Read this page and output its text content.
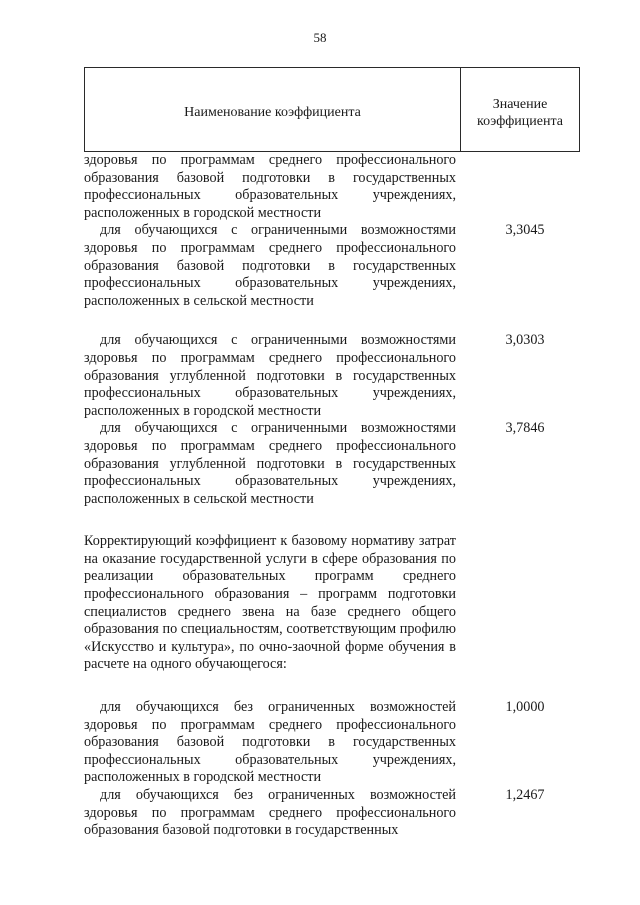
58
Наименование коэффициента
Значение
коэффициента

здоровья по программам среднего профессионального образования базовой подготовки в государственных профессиональных образовательных учреждениях, расположенных в городской местности

для обучающихся с ограниченными возможностями здоровья по программам среднего профессионального образования базовой подготовки в государственных профессиональных образовательных учреждениях, расположенных в сельской местности

3,3045

для обучающихся с ограниченными возможностями здоровья по программам среднего профессионального образования углубленной подготовки в государственных профессиональных образовательных учреждениях, расположенных в городской местности

3,0303

для обучающихся с ограниченными возможностями здоровья по программам среднего профессионального образования углубленной подготовки в государственных профессиональных образовательных учреждениях, расположенных в сельской местности

3,7846

Корректирующий коэффициент к базовому нормативу затрат на оказание государственной услуги в сфере образования по реализации образовательных программ среднего профессионального образования – программ подготовки специалистов среднего звена на базе среднего общего образования по специальностям, соответствующим профилю «Искусство и культура», по очно-заочной форме обучения в расчете на одного обучающегося:

для обучающихся без ограниченных возможностей здоровья по программам среднего профессионального образования базовой подготовки в государственных профессиональных образовательных учреждениях, расположенных в городской местности

1,0000

для обучающихся без ограниченных возможностей здоровья по программам среднего профессионального образования базовой подготовки в государственных

1,2467
